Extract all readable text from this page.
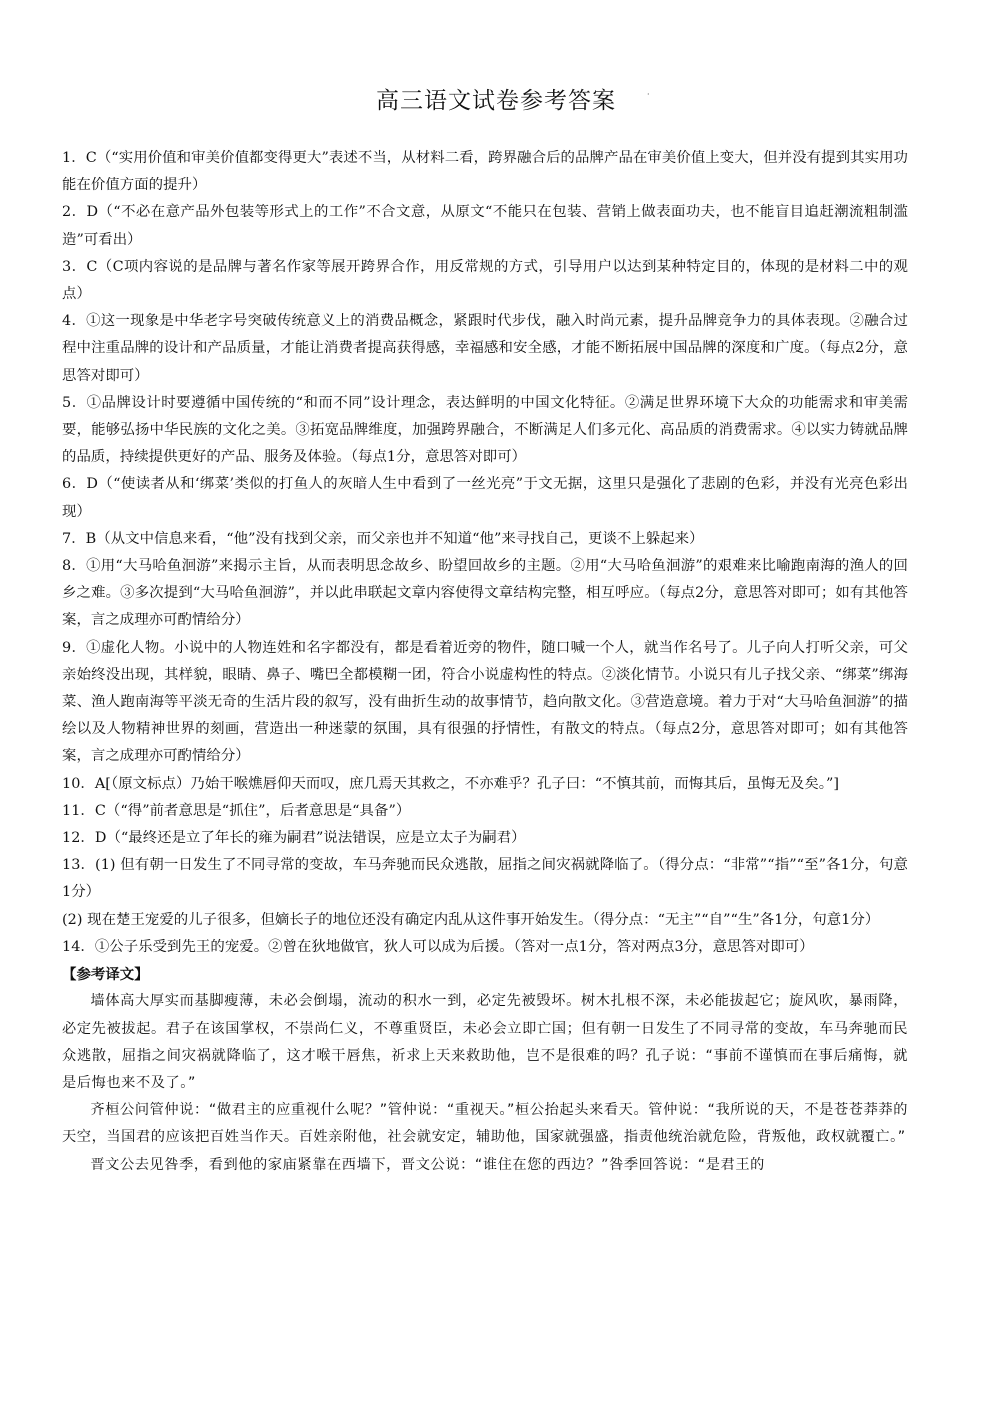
高三语文试卷参考答案	·

1．C（“实用价值和审美价值都变得更大”表述不当，从材料二看，跨界融合后的品牌产品在审美价值上变大，但并没有提到其实用功能在价值方面的提升）

2．D（“不必在意产品外包装等形式上的工作”不合文意，从原文“不能只在包装、营销上做表面功夫，也不能盲目追赶潮流粗制滥造”可看出）

3．C（C项内容说的是品牌与著名作家等展开跨界合作，用反常规的方式，引导用户以达到某种特定目的，体现的是材料二中的观点）

4．①这一现象是中华老字号突破传统意义上的消费品概念，紧跟时代步伐，融入时尚元素，提升品牌竞争力的具体表现。②融合过程中注重品牌的设计和产品质量，才能让消费者提高获得感，幸福感和安全感，才能不断拓展中国品牌的深度和广度。（每点2分，意思答对即可）

5．①品牌设计时要遵循中国传统的“和而不同”设计理念，表达鲜明的中国文化特征。②满足世界环境下大众的功能需求和审美需要，能够弘扬中华民族的文化之美。③拓宽品牌维度，加强跨界融合，不断满足人们多元化、高品质的消费需求。④以实力铸就品牌的品质，持续提供更好的产品、服务及体验。（每点1分，意思答对即可）

6．D（“使读者从和‘绑菜’类似的打鱼人的灰暗人生中看到了一丝光亮”于文无据，这里只是强化了悲剧的色彩，并没有光亮色彩出现）

7．B（从文中信息来看，“他”没有找到父亲，而父亲也并不知道“他”来寻找自己，更谈不上躲起来）

8．①用“大马哈鱼洄游”来揭示主旨，从而表明思念故乡、盼望回故乡的主题。②用“大马哈鱼洄游”的艰难来比喻跑南海的渔人的回乡之难。③多次提到“大马哈鱼洄游”，并以此串联起文章内容使得文章结构完整，相互呼应。（每点2分，意思答对即可；如有其他答案，言之成理亦可酌情给分）

9．①虚化人物。小说中的人物连姓和名字都没有，都是看着近旁的物件，随口喊一个人，就当作名号了。儿子向人打听父亲，可父亲始终没出现，其样貌，眼睛、鼻子、嘴巴全都模糊一团，符合小说虚构性的特点。②淡化情节。小说只有儿子找父亲、“绑菜”绑海菜、渔人跑南海等平淡无奇的生活片段的叙写，没有曲折生动的故事情节，趋向散文化。③营造意境。着力于对“大马哈鱼洄游”的描绘以及人物精神世界的刻画，营造出一种迷蒙的氛围，具有很强的抒情性，有散文的特点。（每点2分，意思答对即可；如有其他答案，言之成理亦可酌情给分）

10．A[（原文标点）乃始干喉燋唇仰天而叹，庶几焉天其救之，不亦难乎？孔子曰：“不慎其前，而悔其后，虽悔无及矣。”]

11．C（“得”前者意思是“抓住”，后者意思是“具备”）

12．D（“最终还是立了年长的雍为嗣君”说法错误，应是立太子为嗣君）

13．(1) 但有朝一日发生了不同寻常的变故，车马奔驰而民众逃散，屈指之间灾祸就降临了。（得分点：“非常”“指”“至”各1分，句意1分）

(2) 现在楚王宠爱的儿子很多，但嫡长子的地位还没有确定内乱从这件事开始发生。（得分点：“无主”“自”“生”各1分，句意1分）

14．①公子乐受到先王的宠爱。②曾在狄地做官，狄人可以成为后援。（答对一点1分，答对两点3分，意思答对即可）

【参考译文】

墙体高大厚实而基脚瘦薄，未必会倒塌，流动的积水一到，必定先被毁坏。树木扎根不深，未必能拔起它；旋风吹，暴雨降，必定先被拔起。君子在该国掌权，不崇尚仁义，不尊重贤臣，未必会立即亡国；但有朝一日发生了不同寻常的变故，车马奔驰而民众逃散，屈指之间灾祸就降临了，这才喉干唇焦，祈求上天来救助他，岂不是很难的吗？孔子说：“事前不谨慎而在事后痛悔，就是后悔也来不及了。”

齐桓公问管仲说：“做君主的应重视什么呢？”管仲说：“重视天。”桓公抬起头来看天。管仲说：“我所说的天，不是苍苍莽莽的天空，当国君的应该把百姓当作天。百姓亲附他，社会就安定，辅助他，国家就强盛，指责他统治就危险，背叛他，政权就覆亡。”

晋文公去见咎季，看到他的家庙紧靠在西墙下，晋文公说：“谁住在您的西边？”咎季回答说：“是君王的
